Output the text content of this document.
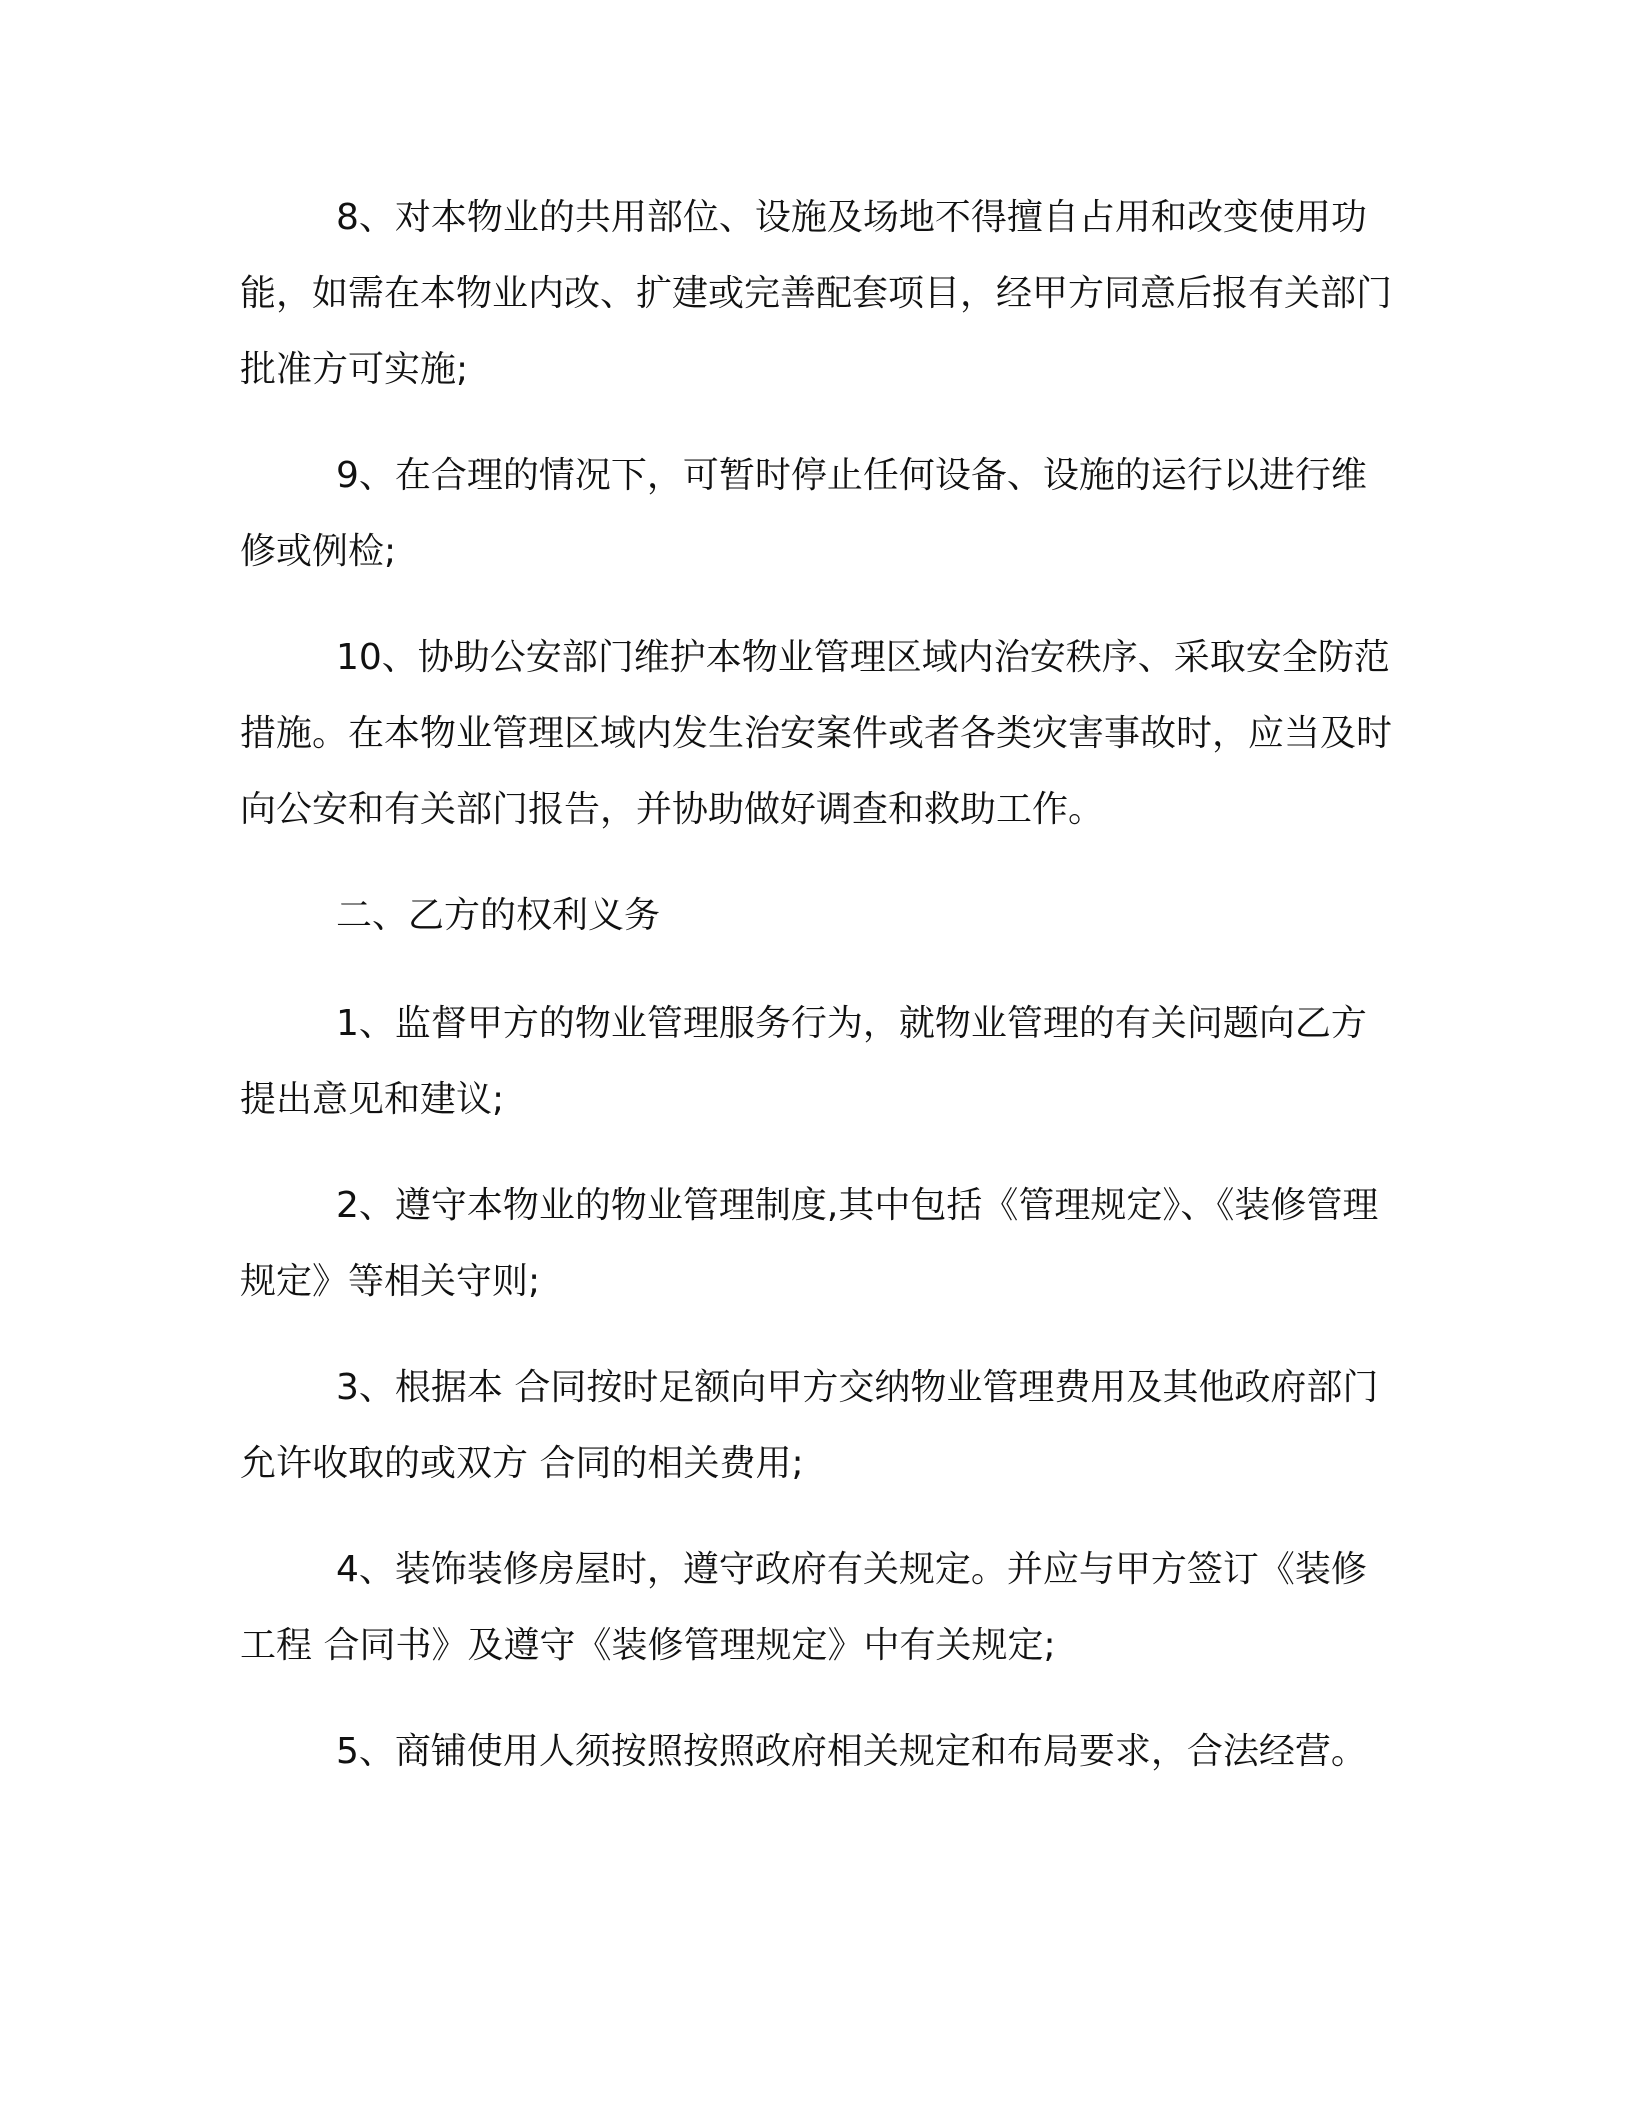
8、对本物业的共用部位、设施及场地不得擅自占用和改变使用功能，如需在本物业内改、扩建或完善配套项目，经甲方同意后报有关部门批准方可实施;

9、在合理的情况下，可暂时停止任何设备、设施的运行以进行维修或例检;

10、协助公安部门维护本物业管理区域内治安秩序、采取安全防范措施。在本物业管理区域内发生治安案件或者各类灾害事故时，应当及时向公安和有关部门报告，并协助做好调查和救助工作。

二、乙方的权利义务

1、监督甲方的物业管理服务行为，就物业管理的有关问题向乙方提出意见和建议;

2、遵守本物业的物业管理制度,其中包括《管理规定》、《装修管理规定》等相关守则;

3、根据本 合同按时足额向甲方交纳物业管理费用及其他政府部门允许收取的或双方 合同的相关费用;

4、装饰装修房屋时，遵守政府有关规定。并应与甲方签订《装修工程 合同书》及遵守《装修管理规定》中有关规定;

5、商铺使用人须按照按照政府相关规定和布局要求，合法经营。
